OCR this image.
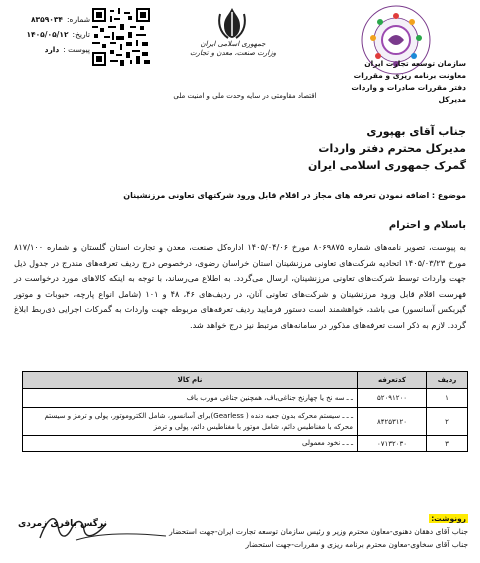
سازمان توسعه تجارت ایران
معاونت برنامه ریزی و مقررات
دفتر مقررات صادرات و واردات
مدیرکل
جمهوری اسلامی ایران
وزارت صنعت، معدن و تجارت
اقتصاد مقاومتی در سایه وحدت ملی و امنیت ملی
شماره:
۸۳۵۹۰۳۴
تاریخ:
۱۴۰۵/۰۵/۱۲
پیوست :
دارد
جناب آقای بهپوری
مدیرکل محترم دفتر واردات
گمرک جمهوری اسلامی ایران
موضوع : اضافه نمودن تعرفه های مجاز در اقلام قابل ورود شرکتهای تعاونی مرزنشینان
باسلام و احترام
به پیوست، تصویر نامه‌های شماره ۸۰۶۹۸۷۵ مورخ ۱۴۰۵/۰۴/۰۶ اداره‌کل صنعت، معدن و تجارت استان گلستان و شماره ۸۱۷/۱۰۰ مورخ ۱۴۰۵/۰۳/۲۳ اتحادیه شرکت‌های تعاونی مرزنشینان استان خراسان رضوی، درخصوص درج ردیف تعرفه‌های مندرج در جدول ذیل جهت واردات توسط شرکت‌های تعاونی مرزنشینان، ارسال می‌گردد. به اطلاع می‌رساند، با توجه به اینکه کالاهای مورد درخواست در فهرست اقلام قابل ورود مرزنشینان و شرکت‌های تعاونی آنان، در ردیف‌های ۴۶، ۴۸ و ۱۰۱ (شامل انواع پارچه، حبوبات و موتور گیربکس آسانسور) می باشد، خواهشمند است دستور فرمایید ردیف تعرفه‌های مربوطه جهت واردات به گمرکات اجرایی ذی‌ربط ابلاغ گردد. لازم به ذکر است تعرفه‌های مذکور در سامانه‌های مرتبط نیز درج خواهد شد.
ردیف	کدتعرفه	نام کالا
۱	۵۲۰۹۱۲۰۰	ـ ـ سه نخ یا چهارنخ جناغی‌باف، همچنین جناغی مورب باف
۲	۸۴۲۵۳۱۲۰	ـ ـ ـ سیستم محرکه بدون جعبه دنده ( Gearless)برای آسانسور، شامل الکتروموتور، پولی و ترمز و سیستم محرکه با مغناطیس دائم، شامل موتور با مغناطیس دائم، پولی و ترمز
۳	۰۷۱۳۲۰۳۰	ـ ـ ـ نخود معمولی
نرگس باقری زمردی
رونوشت:
جناب آقای دهقان دهنوی-معاون محترم وزیر و رئیس سازمان توسعه تجارت ایران-جهت استحضار
جناب آقای سخاوی-معاون محترم برنامه ریزی و مقررات-جهت استحضار
